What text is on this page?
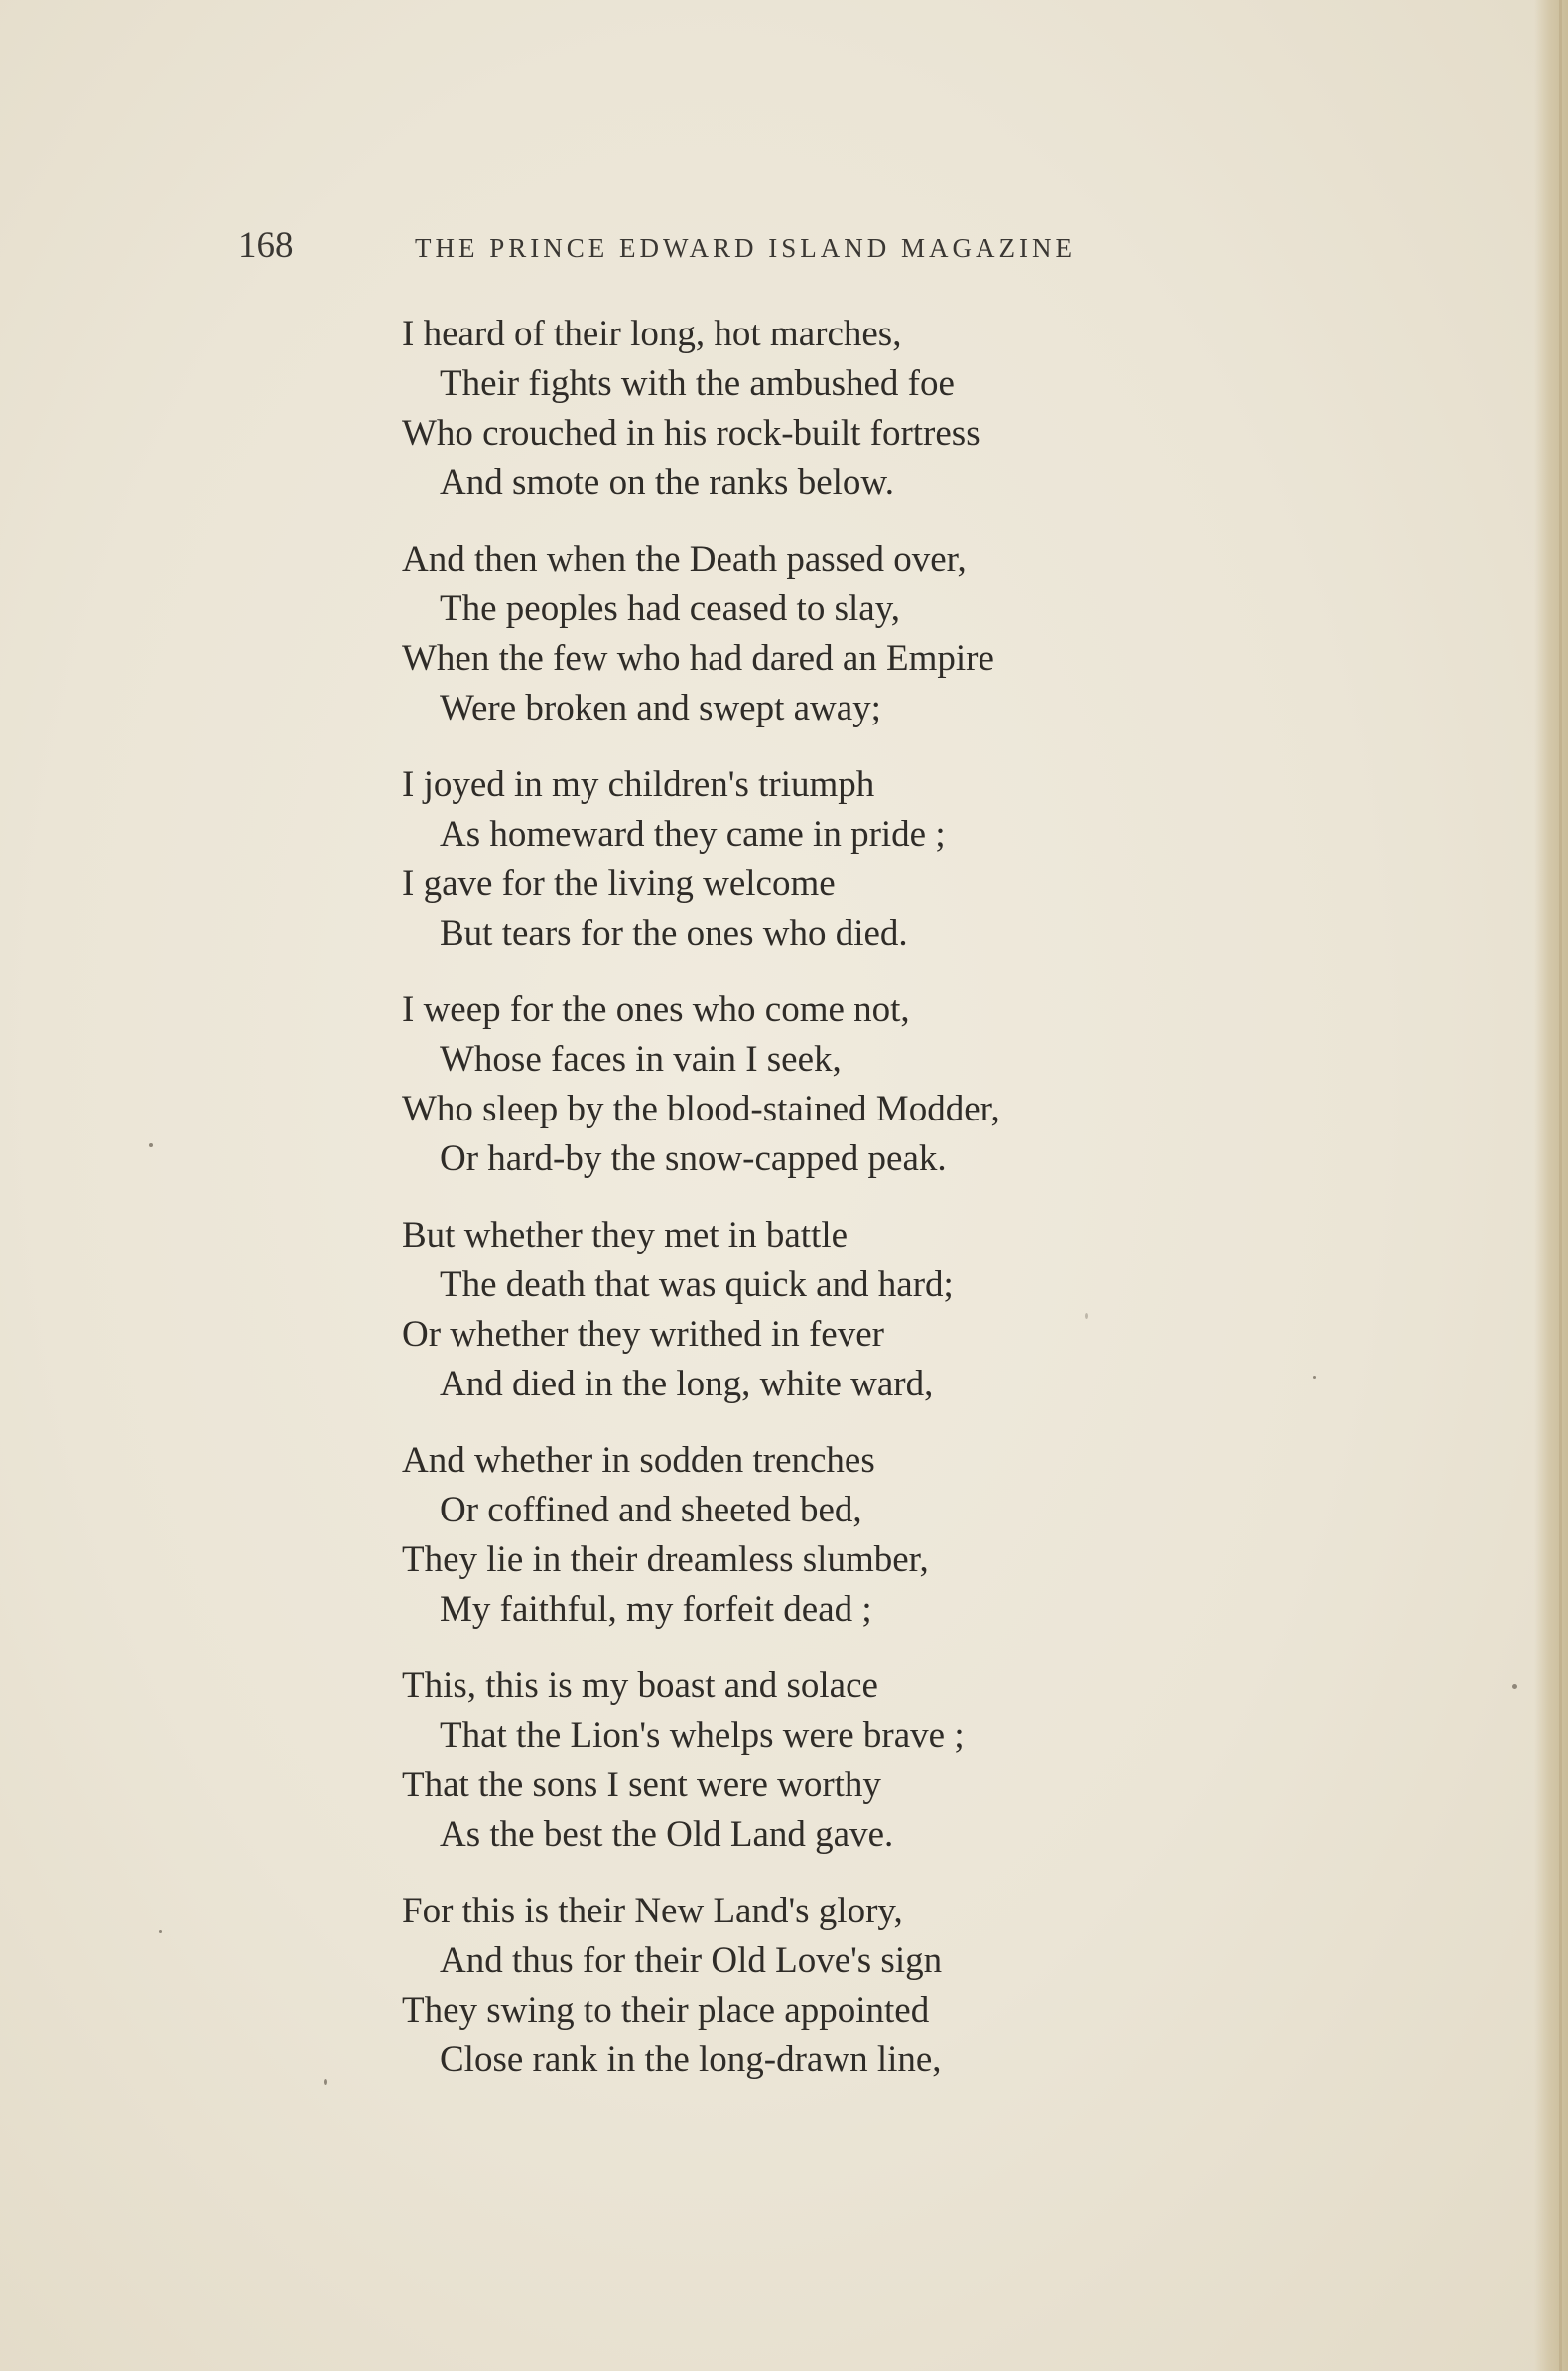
168	THE PRINCE EDWARD ISLAND MAGAZINE
I heard of their long, hot marches,
Their fights with the ambushed foe
Who crouched in his rock-built fortress
And smote on the ranks below.
And then when the Death passed over,
The peoples had ceased to slay,
When the few who had dared an Empire
Were broken and swept away;
I joyed in my children's triumph
As homeward they came in pride ;
I gave for the living welcome
But tears for the ones who died.
I weep for the ones who come not,
Whose faces in vain I seek,
Who sleep by the blood-stained Modder,
Or hard-by the snow-capped peak.
But whether they met in battle
The death that was quick and hard;
Or whether they writhed in fever
And died in the long, white ward,
And whether in sodden trenches
Or coffined and sheeted bed,
They lie in their dreamless slumber,
My faithful, my forfeit dead ;
This, this is my boast and solace
That the Lion's whelps were brave ;
That the sons I sent were worthy
As the best the Old Land gave.
For this is their New Land's glory,
And thus for their Old Love's sign
They swing to their place appointed
Close rank in the long-drawn line,
